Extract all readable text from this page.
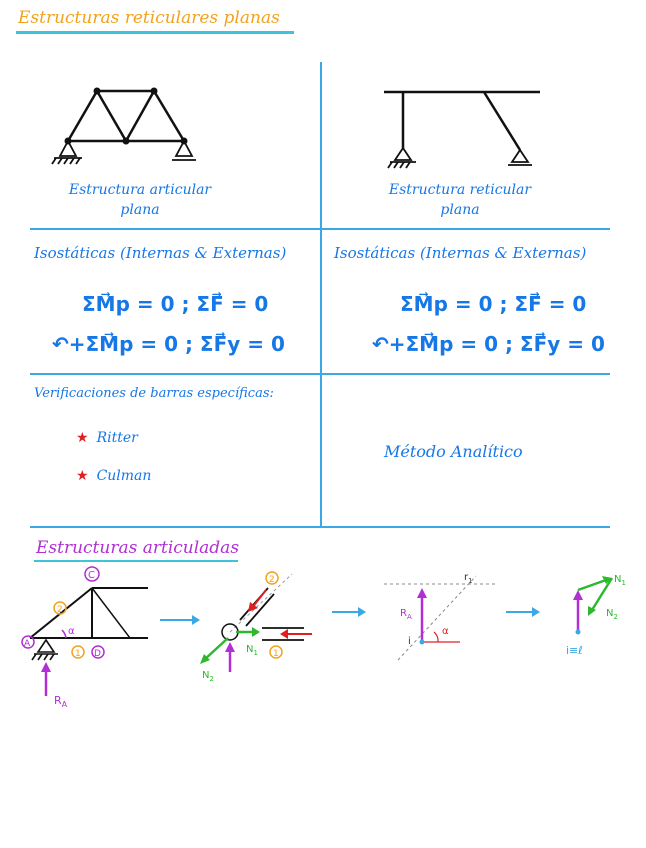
Estructuras reticulares planas
Estructura articular
plana
Estructura reticular
plana
Isostáticas (Internas & Externas)	Isostáticas (Internas & Externas)
ΣM⃗p = 0 ; ΣF⃗ = 0
↶+ΣM⃗p = 0 ; ΣF⃗y = 0
ΣM⃗p = 0 ; ΣF⃗ = 0
↶+ΣM⃗p = 0 ; ΣF⃗y = 0
Verificaciones de barras específicas:
★ Ritter
★ Culman
Método Analítico
Estructuras articuladas
α
C
2
A
1 D
$R_A$
$N_1$
$N_2$
2
1
α
$R_A$
i
$r_1$	$N_1$
$N_2$
i≡ℓ
